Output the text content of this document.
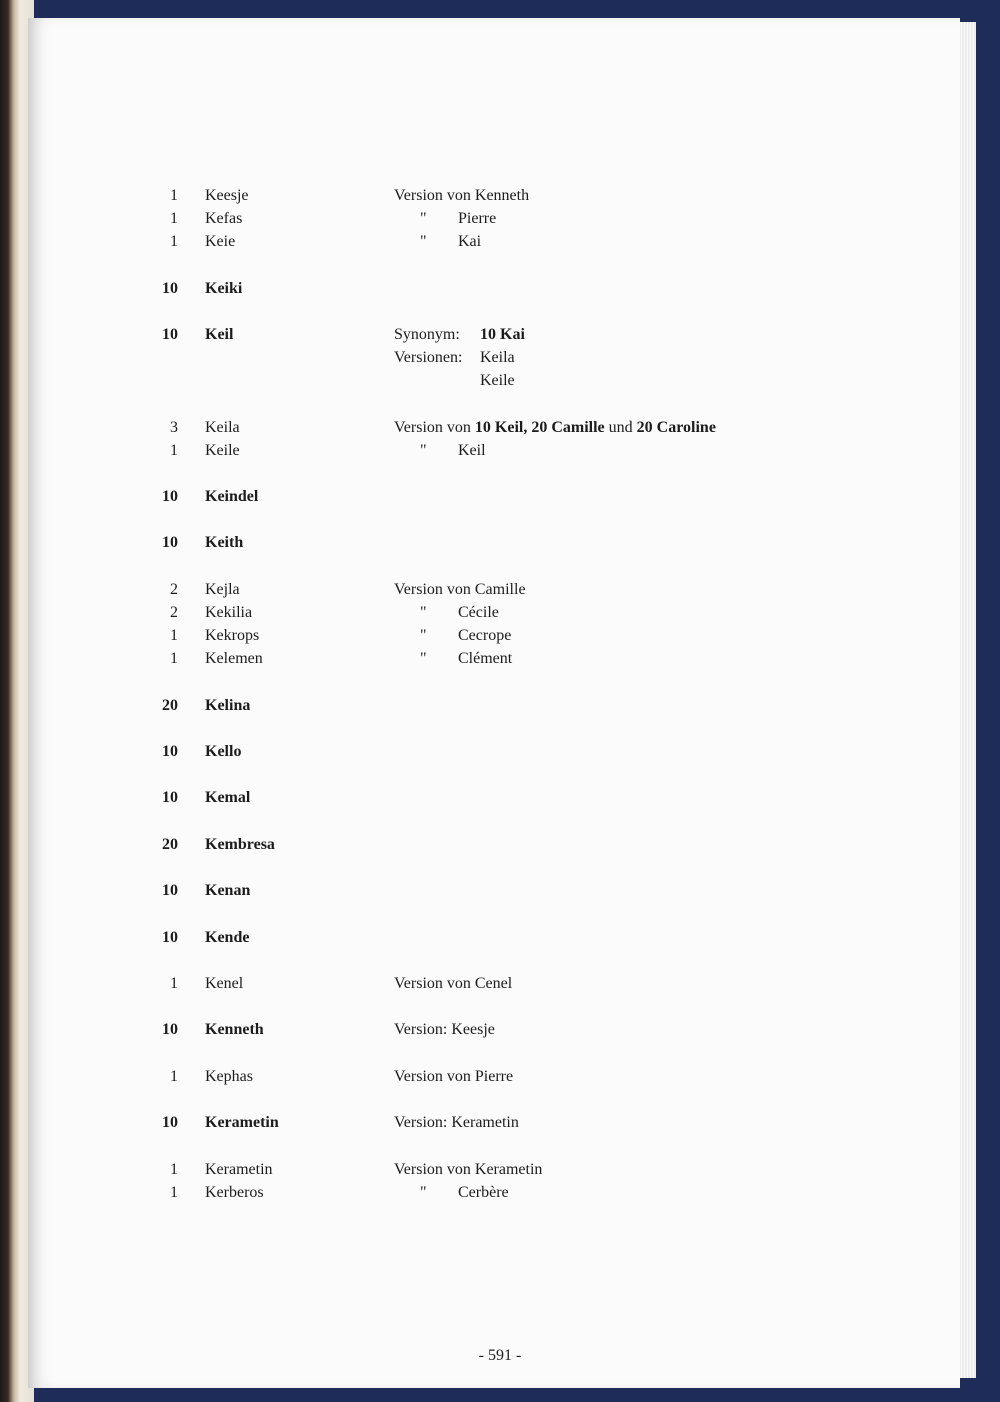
1 Keesje	Version von Kenneth
1 Kefas	" Pierre
1 Keie	" Kai
10 Keiki
10 Keil	Synonym: 10 Kai
Versionen: Keila
Keile
3 Keila	Version von 10 Keil, 20 Camille und 20 Caroline
1 Keile	" Keil
10 Keindel
10 Keith
2 Kejla	Version von Camille
2 Kekilia	" Cécile
1 Kekrops	" Cecrope
1 Kelemen	" Clément
20 Kelina
10 Kello
10 Kemal
20 Kembresa
10 Kenan
10 Kende
1 Kenel	Version von Cenel
10 Kenneth	Version: Keesje
1 Kephas	Version von Pierre
10 Kerametin	Version: Kerametin
1 Kerametin	Version von Kerametin
1 Kerberos	" Cerbère
- 591 -
